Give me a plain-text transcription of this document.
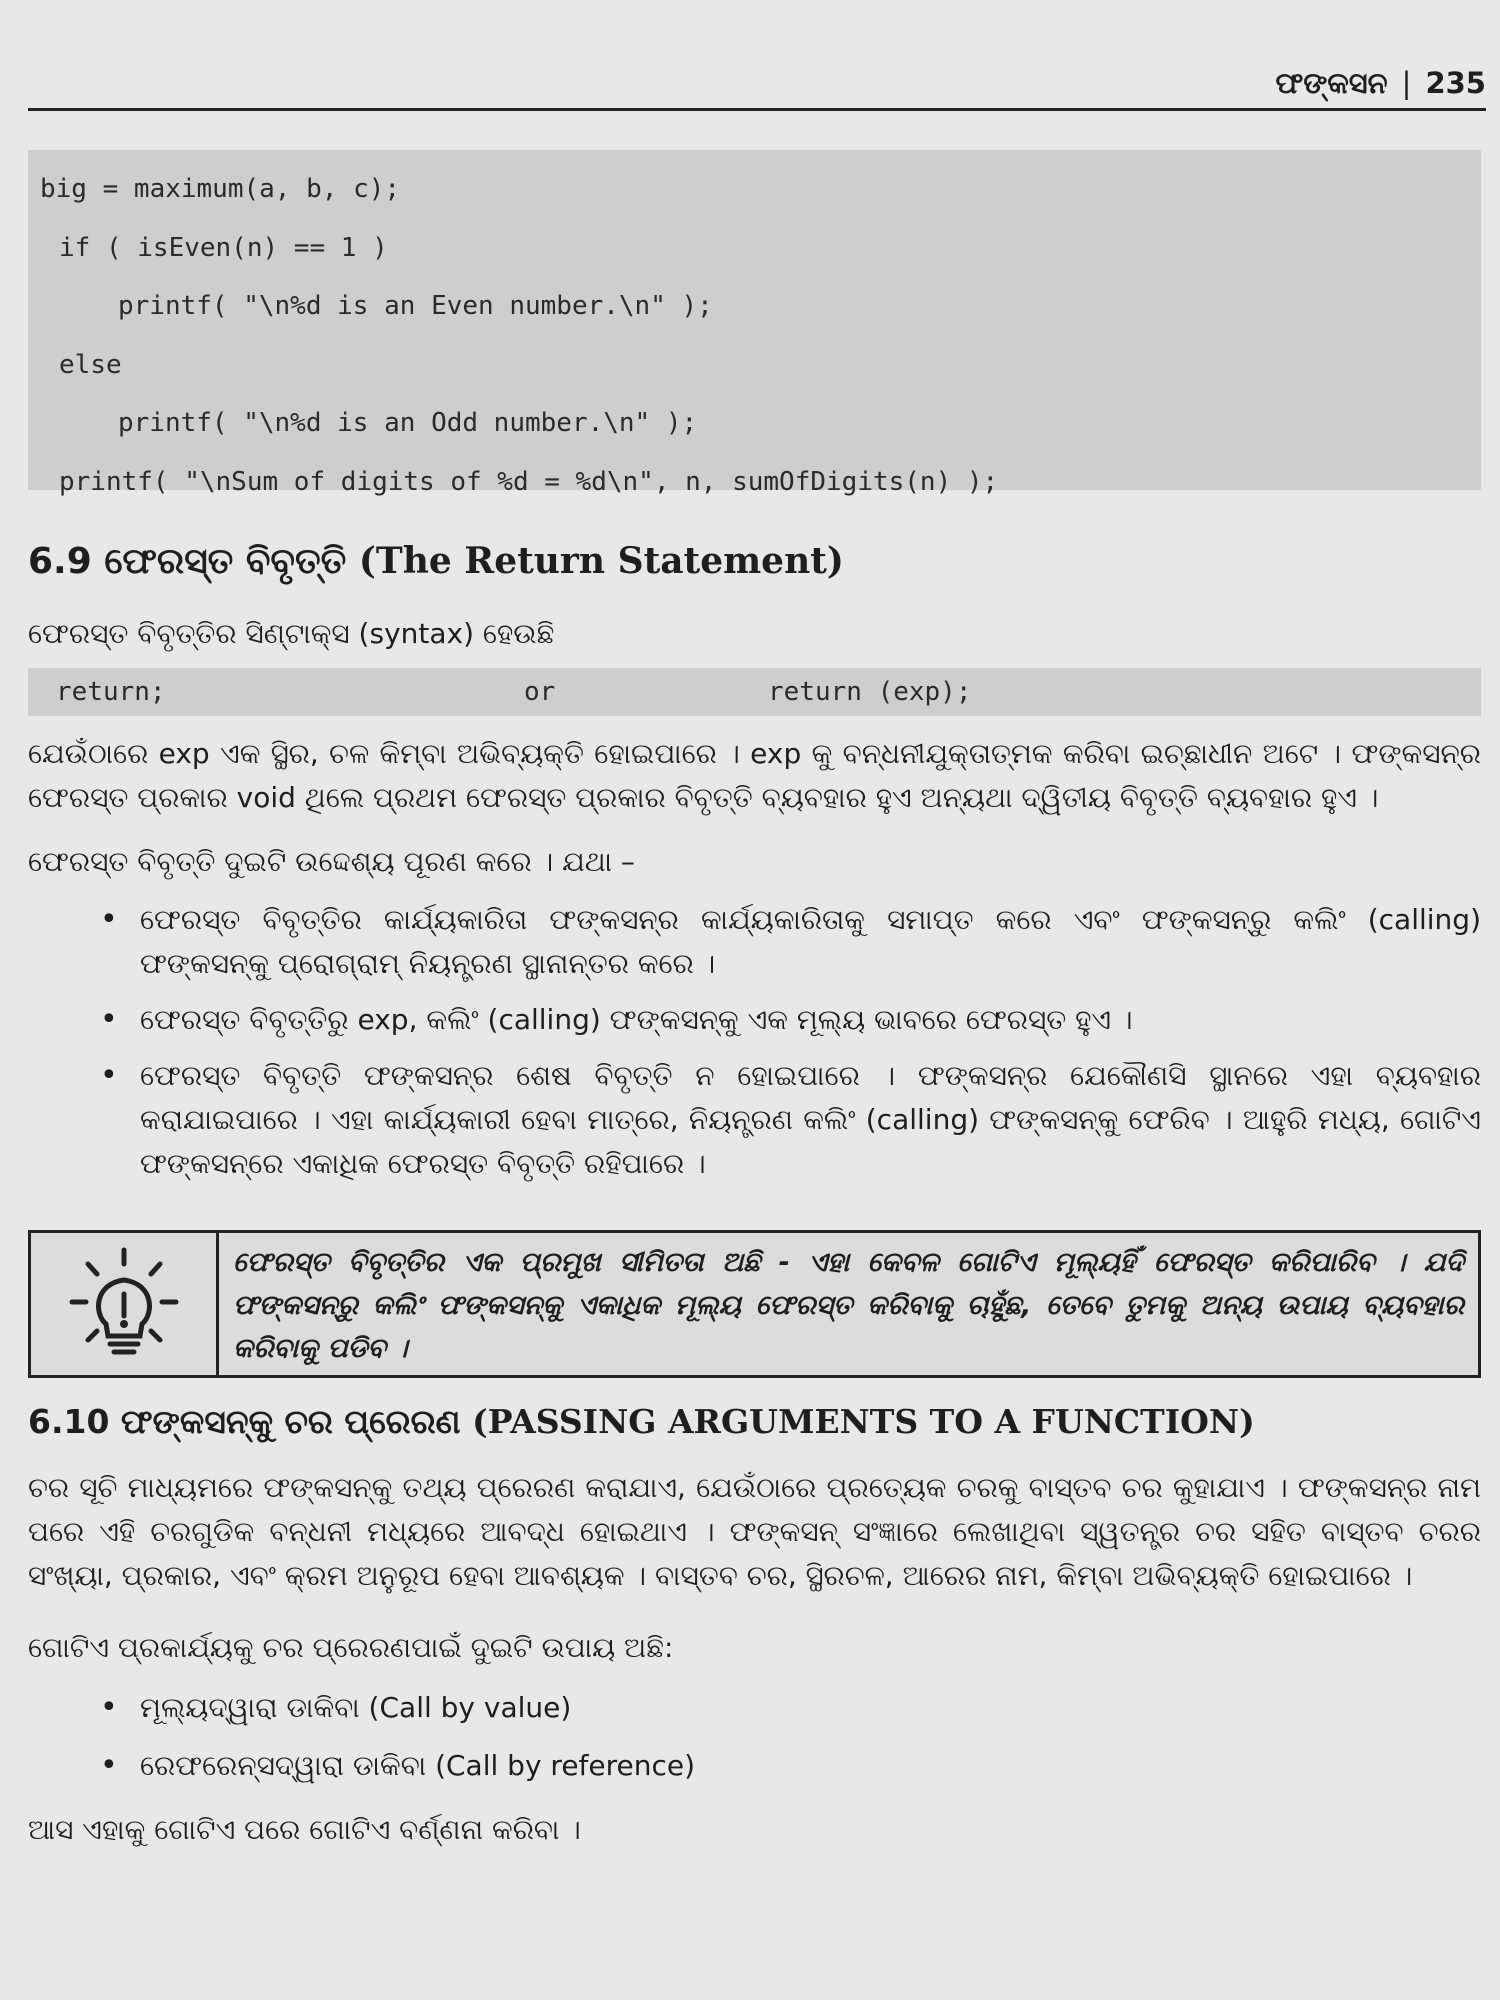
ଫଙ୍କସନ | 235
big = maximum(a, b, c);
if ( isEven(n) == 1 )
printf( "\n%d is an Even number.\n" );
else
printf( "\n%d is an Odd number.\n" );
printf( "\nSum of digits of %d = %d\n", n, sumOfDigits(n) );
6.9 ଫେରସ୍ତ ବିବୃତ୍ତି (The Return Statement)

ଫେରସ୍ତ ବିବୃତ୍ତିର ସିଣ୍ଟାକ୍ସ (syntax) ହେଉଛି

return;

	or

	return (exp);

ଯେଉଁଠାରେ exp ଏକ ସ୍ଥିର, ଚଳ କିମ୍ବା ଅଭିବ୍ୟକ୍ତି ହୋଇପାରେ । exp କୁ ବନ୍ଧନୀଯୁକ୍ତାତ୍ମକ କରିବା ଇଚ୍ଛାଧୀନ ଅଟେ । ଫଙ୍କସନ୍‌ର ଫେରସ୍ତ ପ୍ରକାର void ଥିଲେ ପ୍ରଥମ ଫେରସ୍ତ ପ୍ରକାର ବିବୃତ୍ତି ବ୍ୟବହାର ହୁଏ ଅନ୍ୟଥା ଦ୍ୱିତୀୟ ବିବୃତ୍ତି ବ୍ୟବହାର ହୁଏ ।

ଫେରସ୍ତ ବିବୃତ୍ତି ଦୁଇଟି ଉଦ୍ଦେଶ୍ୟ ପୂରଣ କରେ । ଯଥା –

• ଫେରସ୍ତ ବିବୃତ୍ତିର କାର୍ଯ୍ୟକାରିତା ଫଙ୍କସନ୍‌ର କାର୍ଯ୍ୟକାରିତାକୁ ସମାପ୍ତ କରେ ଏବଂ ଫଙ୍କସନ୍‌ରୁ କଲିଂ (calling) ଫଙ୍କସନ୍‌କୁ ପ୍ରୋଗ୍ରାମ୍ ନିୟନ୍ତ୍ରଣ ସ୍ଥାନାନ୍ତର କରେ ।
• ଫେରସ୍ତ ବିବୃତ୍ତିରୁ exp, କଲିଂ (calling) ଫଙ୍କସନ୍‌କୁ ଏକ ମୂଲ୍ୟ ଭାବରେ ଫେରସ୍ତ ହୁଏ ।
• ଫେରସ୍ତ ବିବୃତ୍ତି ଫଙ୍କସନ୍‌ର ଶେଷ ବିବୃତ୍ତି ନ ହୋଇପାରେ । ଫଙ୍କସନ୍‌ର ଯେକୌଣସି ସ୍ଥାନରେ ଏହା ବ୍ୟବହାର କରାଯାଇପାରେ । ଏହା କାର୍ଯ୍ୟକାରୀ ହେବା ମାତ୍ରେ, ନିୟନ୍ତ୍ରଣ କଲିଂ (calling) ଫଙ୍କସନ୍‌କୁ ଫେରିବ । ଆହୁରି ମଧ୍ୟ, ଗୋଟିଏ ଫଙ୍କସନ୍‌ରେ ଏକାଧିକ ଫେରସ୍ତ ବିବୃତ୍ତି ରହିପାରେ ।
ଫେରସ୍ତ ବିବୃତ୍ତିର ଏକ ପ୍ରମୁଖ ସୀମିତତା ଅଛି - ଏହା କେବଳ ଗୋଟିଏ ମୂଲ୍ୟହିଁ ଫେରସ୍ତ କରିପାରିବ । ଯଦି ଫଙ୍କସନ୍‌ରୁ କଲିଂ ଫଙ୍କସନ୍‌କୁ ଏକାଧିକ ମୂଲ୍ୟ ଫେରସ୍ତ କରିବାକୁ ଚାହୁଁଛ, ତେବେ ତୁମକୁ ଅନ୍ୟ ଉପାୟ ବ୍ୟବହାର କରିବାକୁ ପଡିବ ।
6.10 ଫଙ୍କସନ୍‌କୁ ଚର ପ୍ରେରଣ (PASSING ARGUMENTS TO A FUNCTION)

ଚର ସୂଚି ମାଧ୍ୟମରେ ଫଙ୍କସନ୍‌କୁ ତଥ୍ୟ ପ୍ରେରଣ କରାଯାଏ, ଯେଉଁଠାରେ ପ୍ରତ୍ୟେକ ଚରକୁ ବାସ୍ତବ ଚର କୁହାଯାଏ । ଫଙ୍କସନ୍‌ର ନାମ ପରେ ଏହି ଚରଗୁଡିକ ବନ୍ଧନୀ ମଧ୍ୟରେ ଆବଦ୍ଧ ହୋଇଥାଏ । ଫଙ୍କସନ୍ ସଂଜ୍ଞାରେ ଲେଖାଥିବା ସ୍ୱତନ୍ତ୍ର ଚର ସହିତ ବାସ୍ତବ ଚରର ସଂଖ୍ୟା, ପ୍ରକାର, ଏବଂ କ୍ରମ ଅନୁରୂପ ହେବା ଆବଶ୍ୟକ । ବାସ୍ତବ ଚର, ସ୍ଥିରଚଳ, ଆରେର ନାମ, କିମ୍ବା ଅଭିବ୍ୟକ୍ତି ହୋଇପାରେ ।

ଗୋଟିଏ ପ୍ରକାର୍ଯ୍ୟକୁ ଚର ପ୍ରେରଣପାଇଁ ଦୁଇଟି ଉପାୟ ଅଛି:

• ମୂଲ୍ୟଦ୍ୱାରା ଡାକିବା (Call by value)
• ରେଫରେନ୍ସଦ୍ୱାରା ଡାକିବା (Call by reference)

ଆସ ଏହାକୁ ଗୋଟିଏ ପରେ ଗୋଟିଏ ବର୍ଣ୍ଣନା କରିବା ।
